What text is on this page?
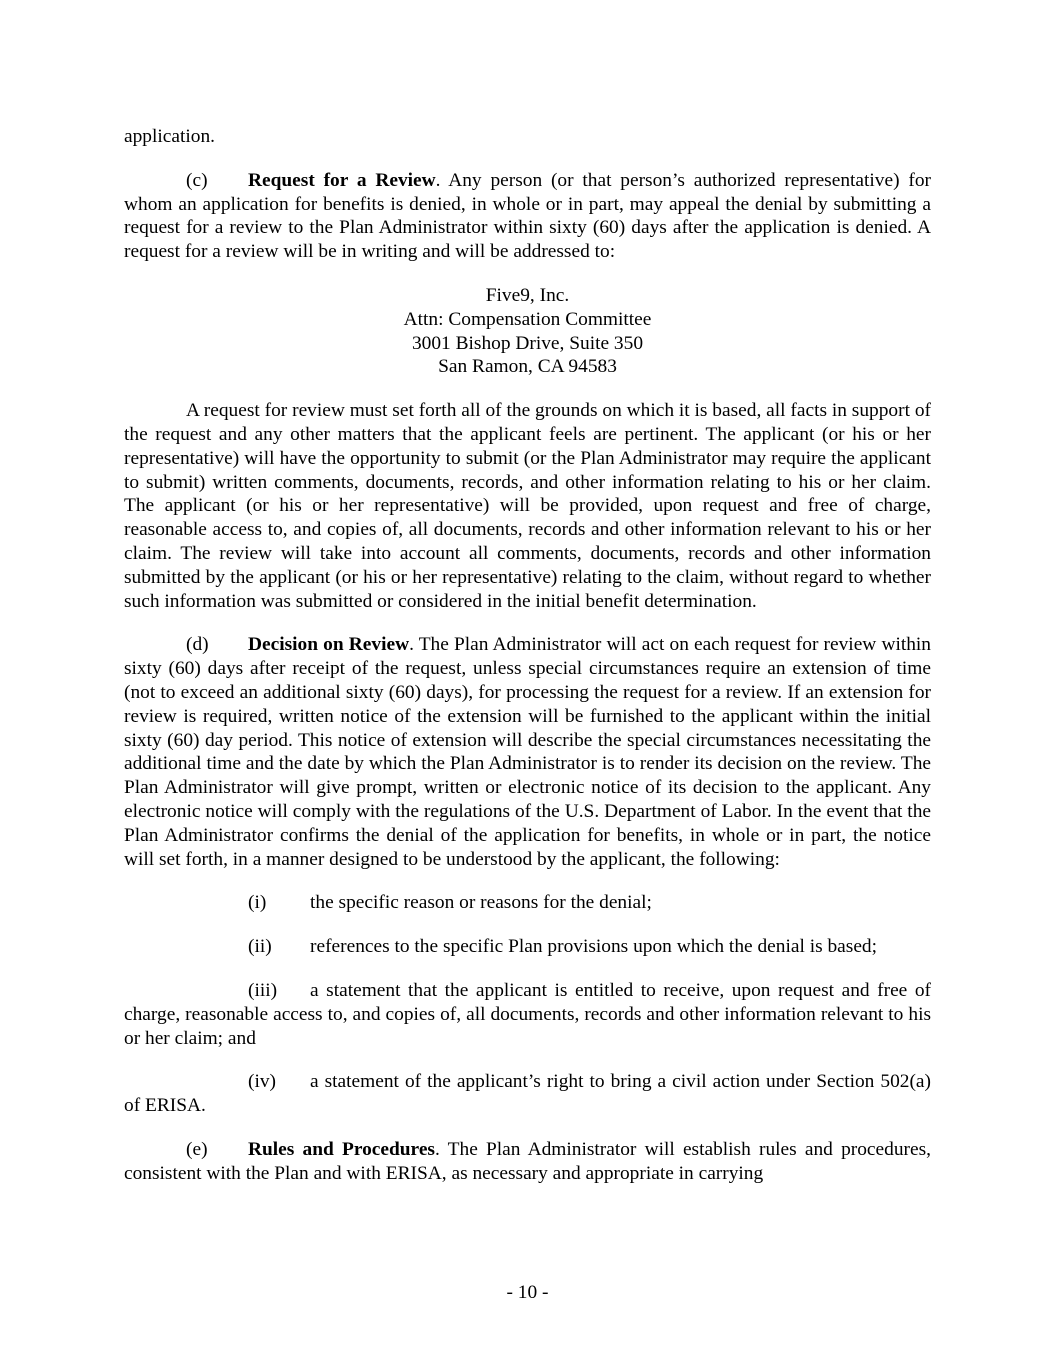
application.

(c) Request for a Review. Any person (or that person’s authorized representative) for whom an application for benefits is denied, in whole or in part, may appeal the denial by submitting a request for a review to the Plan Administrator within sixty (60) days after the application is denied. A request for a review will be in writing and will be addressed to:

Five9, Inc.
Attn: Compensation Committee
3001 Bishop Drive, Suite 350
San Ramon, CA 94583

A request for review must set forth all of the grounds on which it is based, all facts in support of the request and any other matters that the applicant feels are pertinent. The applicant (or his or her representative) will have the opportunity to submit (or the Plan Administrator may require the applicant to submit) written comments, documents, records, and other information relating to his or her claim. The applicant (or his or her representative) will be provided, upon request and free of charge, reasonable access to, and copies of, all documents, records and other information relevant to his or her claim. The review will take into account all comments, documents, records and other information submitted by the applicant (or his or her representative) relating to the claim, without regard to whether such information was submitted or considered in the initial benefit determination.

(d) Decision on Review. The Plan Administrator will act on each request for review within sixty (60) days after receipt of the request, unless special circumstances require an extension of time (not to exceed an additional sixty (60) days), for processing the request for a review. If an extension for review is required, written notice of the extension will be furnished to the applicant within the initial sixty (60) day period. This notice of extension will describe the special circumstances necessitating the additional time and the date by which the Plan Administrator is to render its decision on the review. The Plan Administrator will give prompt, written or electronic notice of its decision to the applicant. Any electronic notice will comply with the regulations of the U.S. Department of Labor. In the event that the Plan Administrator confirms the denial of the application for benefits, in whole or in part, the notice will set forth, in a manner designed to be understood by the applicant, the following:

(i) the specific reason or reasons for the denial;

(ii) references to the specific Plan provisions upon which the denial is based;

(iii) a statement that the applicant is entitled to receive, upon request and free of charge, reasonable access to, and copies of, all documents, records and other information relevant to his or her claim; and

(iv) a statement of the applicant’s right to bring a civil action under Section 502(a) of ERISA.

(e) Rules and Procedures. The Plan Administrator will establish rules and procedures, consistent with the Plan and with ERISA, as necessary and appropriate in carrying

- 10 -
